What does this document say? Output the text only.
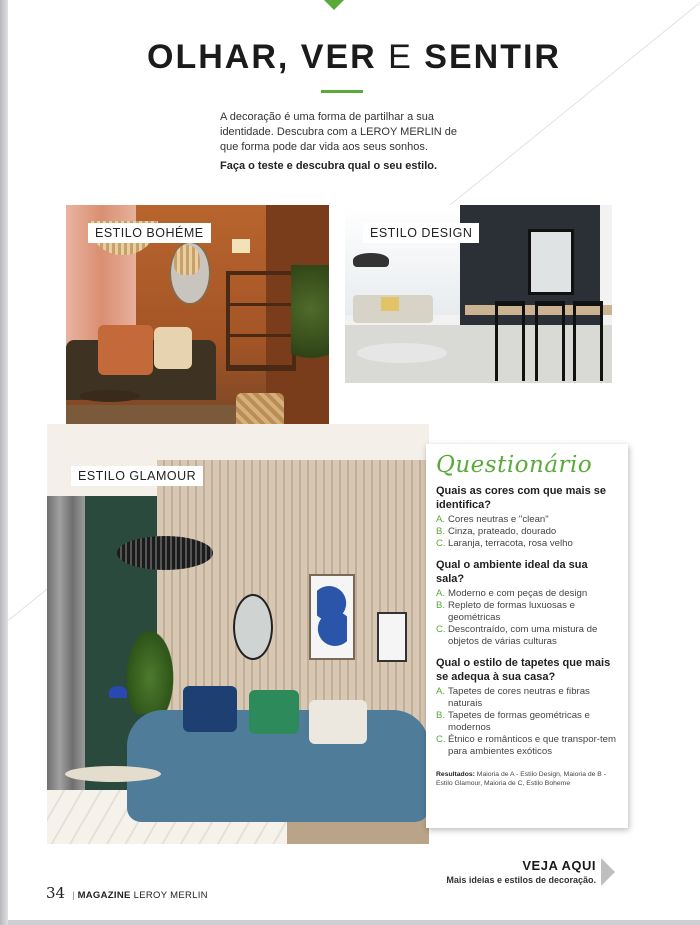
OLHAR, VER E SENTIR

A decoração é uma forma de partilhar a sua identidade. Descubra com a LEROY MERLIN de que forma pode dar vida aos seus sonhos.

Faça o teste e descubra qual o seu estilo.

ESTILO BOHÉME	ESTILO DESIGN
ESTILO GLAMOUR	Questionário
Quais as cores com que mais se identifica?
A. Cores neutras e "clean"
B. Cinza, prateado, dourado
C. Laranja, terracota, rosa velho
Qual o ambiente ideal da sua sala?
A. Moderno e com peças de design
B. Repleto de formas luxuosas e geométricas
C. Descontraído, com uma mistura de objetos de várias culturas
Qual o estilo de tapetes que mais se adequa à sua casa?
A. Tapetes de cores neutras e fibras naturais
B. Tapetes de formas geométricas e modernos
C. Étnico e românticos e que transpor-tem para ambientes exóticos

Resultados: Maioria de A - Estilo Design, Maioria de B - Estilo Glamour, Maioria de C, Estilo Boheme

VEJA AQUI
Mais ideias e estilos de decoração.
34 | MAGAZINE LEROY MERLIN
